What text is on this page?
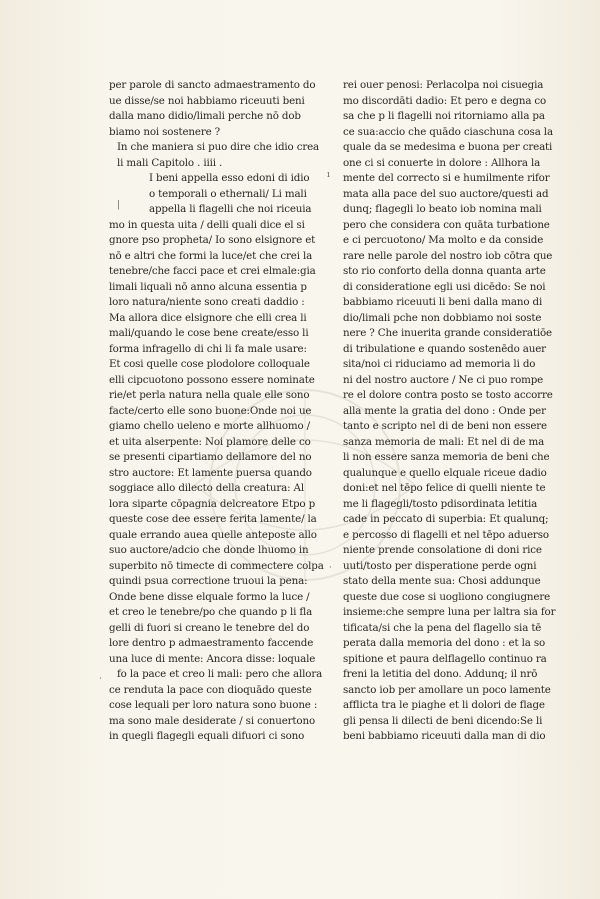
per parole di sancto admaestramento do
ue disse/se noi habbiamo riceuuti beni
dalla mano didio/limali perche nō dob
biamo noi sostenere ?
In che maniera si puo dire che idio crea
li mali Capitolo . iiii .
I beni appella esso edoni di idio
o temporali o ethernali/ Li mali
appella li flagelli che noi riceuia
mo in questa uita / delli quali dice el si
gnore pso propheta/ Io sono elsignore et
nō e altri che formi la luce/et che crei la
tenebre/che facci pace et crei elmale:gia
limali liquali nō anno alcuna essentia p
loro natura/niente sono creati daddio :
Ma allora dice elsignore che elli crea li
mali/quando le cose bene create/esso li
forma infragello di chi li fa male usare:
Et cosi quelle cose plodolore colloquale
elli cipcuotono possono essere nominate
rie/et perla natura nella quale elle sono
facte/certo elle sono buone:Onde noi ue
giamo chello ueleno e morte allhuomo /
et uita alserpente: Noi plamore delle co
se presenti cipartiamo dellamore del no
stro auctore: Et lamente puersa quando
soggiace allo dilecto della creatura: Al
lora siparte cōpagnia delcreatore Etpo p
queste cose dee essere ferita lamente/ la
quale errando auea quelle anteposte allo
suo auctore/adcio che donde lhuomo in
superbito nō timecte di commectere colpa
quindi psua correctione truoui la pena:
Onde bene disse elquale formo la luce /
et creo le tenebre/po che quando p li fla
gelli di fuori si creano le tenebre del do
lore dentro p admaestramento faccende
una luce di mente: Ancora disse: loquale
fo la pace et creo li mali: pero che allora
ce renduta la pace con dioquādo queste
cose lequali per loro natura sono buone :
ma sono male desiderate / si conuertono
in quegli flagegli equali difuori ci sono
rei ouer penosi: Perlacolpa noi cisuegia
mo discordāti dadio: Et pero e degna co
sa che p li flagelli noi ritorniamo alla pa
ce sua:accio che quādo ciaschuna cosa la
quale da se medesima e buona per creati
one ci si conuerte in dolore : Allhora la
mente del correcto si e humilmente rifor
mata alla pace del suo auctore/questi ad
dunq; flagegli lo beato iob nomina mali
pero che considera con quāta turbatione
e ci percuotono/ Ma molto e da conside
rare nelle parole del nostro iob cōtra que
sto rio conforto della donna quanta arte
di consideratione egli usi dicēdo: Se noi
babbiamo riceuuti li beni dalla mano di
dio/limali pche non dobbiamo noi soste
nere ? Che inuerita grande consideratiōe
di tribulatione e quando sostenēdo auer
sita/noi ci riduciamo ad memoria li do
ni del nostro auctore / Ne ci puo rompe
re el dolore contra posto se tosto accorre
alla mente la gratia del dono : Onde per
tanto e scripto nel di de beni non essere
sanza memoria de mali: Et nel di de ma
li non essere sanza memoria de beni che
qualunque e quello elquale riceue dadio
doni:et nel tēpo felice di quelli niente te
me li flagegli/tosto pdisordinata letitia
cade in peccato di superbia: Et qualunq;
e percosso di flagelli et nel tēpo aduerso
niente prende consolatione di doni rice
uuti/tosto per disperatione perde ogni
stato della mente sua: Chosi addunque
queste due cose si uogliono congiugnere
insieme:che sempre luna per laltra sia for
tificata/si che la pena del flagello sia tē
perata dalla memoria del dono : et la so
spitione et paura delflagello continuo ra
freni la letitia del dono. Addunq; il nrō
sancto iob per amollare un poco lamente
afflicta tra le piaghe et li dolori de flage
gli pensa li dilecti de beni dicendo:Se li
beni babbiamo riceuuti dalla man di dio
|
ı
·
·
